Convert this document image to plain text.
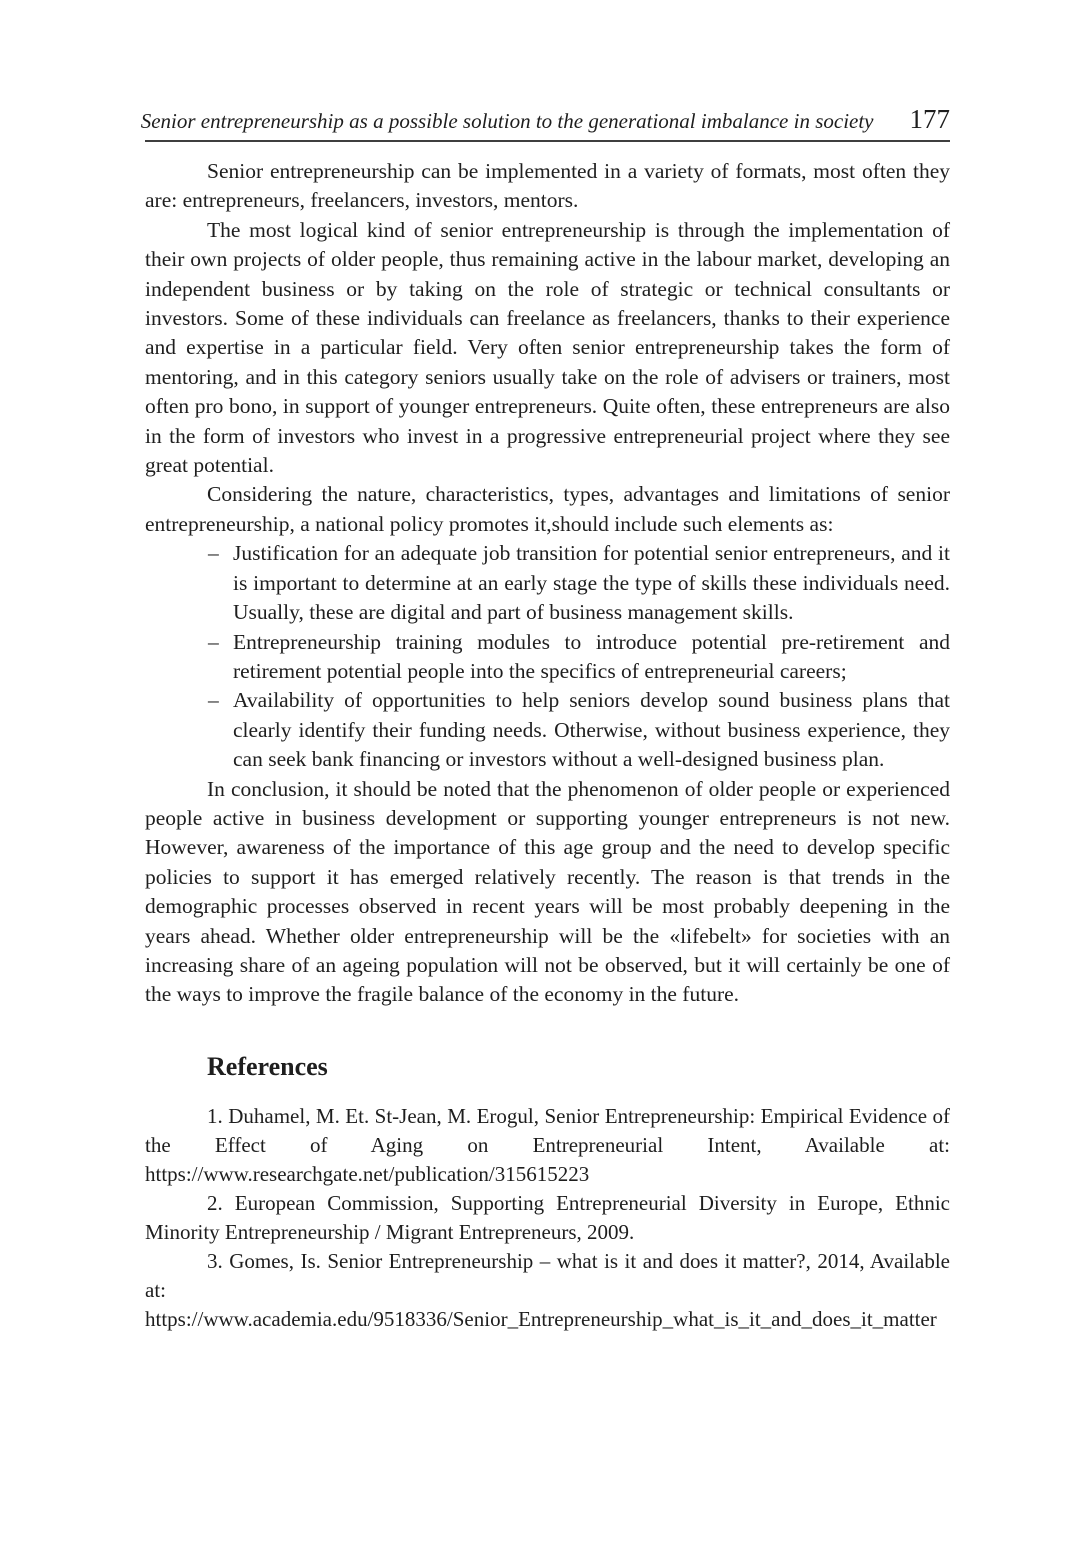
Senior entrepreneurship as a possible solution to the generational imbalance in society 177

Senior entrepreneurship can be implemented in a variety of formats, most often they are: entrepreneurs, freelancers, investors, mentors.

The most logical kind of senior entrepreneurship is through the implementation of their own projects of older people, thus remaining active in the labour market, developing an independent business or by taking on the role of strategic or technical consultants or investors. Some of these individuals can freelance as freelancers, thanks to their experience and expertise in a particular field. Very often senior entrepreneurship takes the form of mentoring, and in this category seniors usually take on the role of advisers or trainers, most often pro bono, in support of younger entrepreneurs. Quite often, these entrepreneurs are also in the form of investors who invest in a progressive entrepreneurial project where they see great potential.

Considering the nature, characteristics, types, advantages and limitations of senior entrepreneurship, a national policy promotes it,should include such elements as:

– Justification for an adequate job transition for potential senior entrepreneurs, and it is important to determine at an early stage the type of skills these individuals need. Usually, these are digital and part of business management skills.
– Entrepreneurship training modules to introduce potential pre-retirement and retirement potential people into the specifics of entrepreneurial careers;
– Availability of opportunities to help seniors develop sound business plans that clearly identify their funding needs. Otherwise, without business experience, they can seek bank financing or investors without a well-designed business plan.

In conclusion, it should be noted that the phenomenon of older people or experienced people active in business development or supporting younger entrepreneurs is not new. However, awareness of the importance of this age group and the need to develop specific policies to support it has emerged relatively recently. The reason is that trends in the demographic processes observed in recent years will be most probably deepening in the years ahead. Whether older entrepreneurship will be the «lifebelt» for societies with an increasing share of an ageing population will not be observed, but it will certainly be one of the ways to improve the fragile balance of the economy in the future.

References

1. Duhamel, M. Et. St-Jean, M. Erogul, Senior Entrepreneurship: Empirical Evidence of the Effect of Aging on Entrepreneurial Intent, Available at: https://www.researchgate.net/publication/315615223

2. European Commission, Supporting Entrepreneurial Diversity in Europe, Ethnic Minority Entrepreneurship / Migrant Entrepreneurs, 2009.

3. Gomes, Is. Senior Entrepreneurship – what is it and does it matter?, 2014, Available at: https://www.academia.edu/9518336/Senior_Entrepreneurship_what_is_it_and_does_it_matter
